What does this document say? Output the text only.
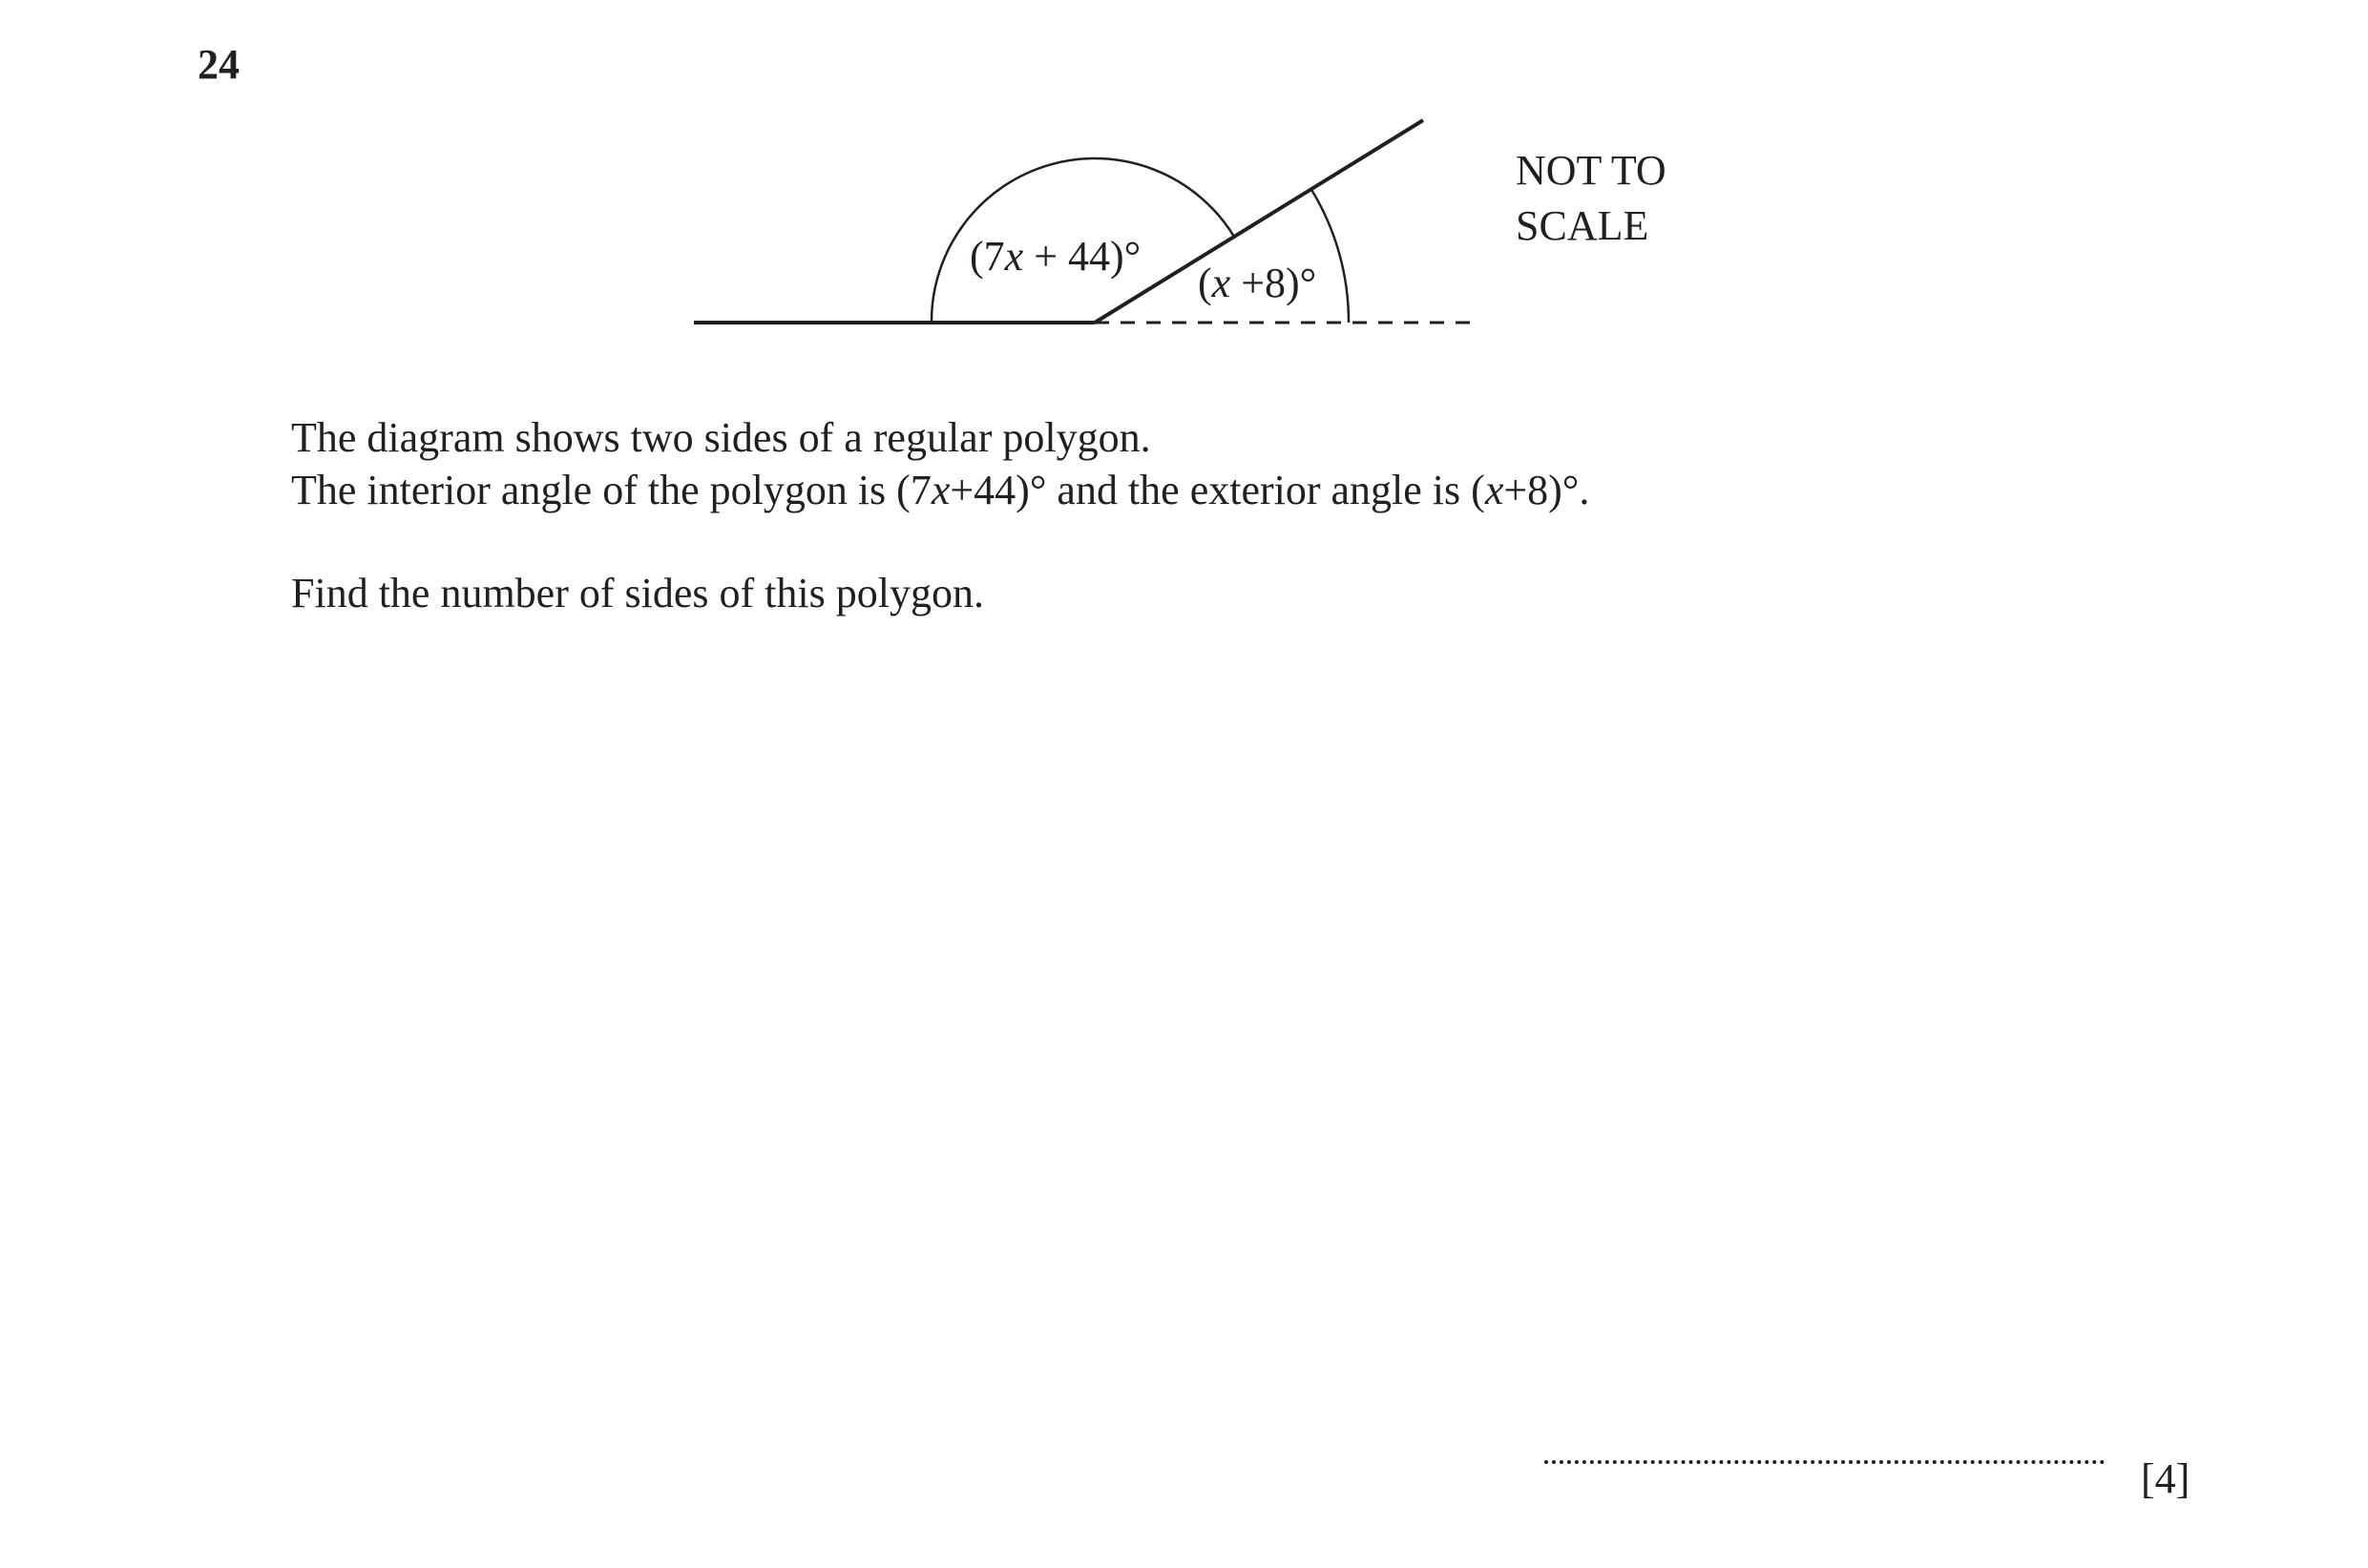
24
(7x + 44)°
(x +8)°
NOT TO
SCALE
The diagram shows two sides of a regular polygon.
The interior angle of the polygon is (7x+44)° and the exterior angle is (x+8)°.
Find the number of sides of this polygon.
[4]
